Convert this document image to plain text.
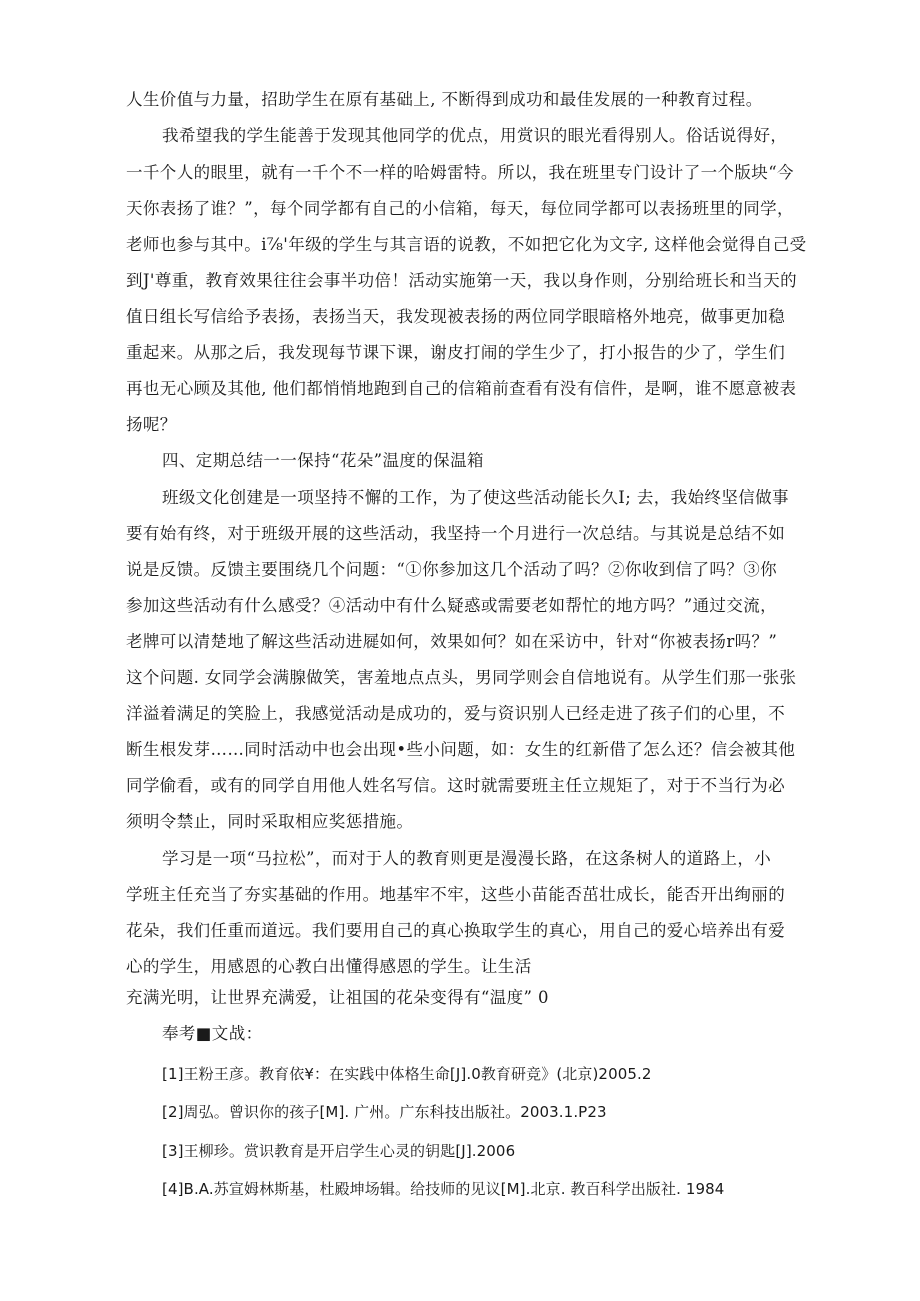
人生价值与力量，招助学生在原有基础上, 不断得到成功和最佳发展的一种教育过程。
我希望我的学生能善于发现其他同学的优点，用赏识的眼光看得别人。俗话说得好，
一千个人的眼里，就有一千个不一样的哈姆雷特。所以，我在班里专门设计了一个版块“今
天你表扬了谁？”，每个同学都有自己的小信箱，每天，每位同学都可以表扬班里的同学，
老师也参与其中。i⅞'年级的学生与其言语的说教，不如把它化为文字, 这样他会觉得自己受
到J'尊重，教育效果往往会事半功倍！活动实施第一天，我以身作则，分别给班长和当天的
值日组长写信给予表扬，表扬当天，我发现被表扬的两位同学眼暗格外地亮，做事更加稳
重起来。从那之后，我发现每节课下课，谢皮打闹的学生少了，打小报告的少了，学生们
再也无心顾及其他, 他们都悄悄地跑到自己的信箱前查看有没有信件，是啊，谁不愿意被表
扬呢？
四、定期总结一一保持“花朵”温度的保温箱
班级文化创建是一项坚持不懈的工作，为了使这些活动能长久I; 去，我始终坚信做事
要有始有终，对于班级开展的这些活动，我坚持一个月进行一次总结。与其说是总结不如
说是反馈。反馈主要围绕几个问题：“①你参加这几个活动了吗？②你收到信了吗？③你
参加这些活动有什么感受？④活动中有什么疑惑或需要老如帮忙的地方吗？”通过交流，
老牌可以清楚地了解这些活动进屣如何，效果如何？如在采访中，针对“你被表扬r吗？”
这个问题. 女同学会满腺做笑，害羞地点点头，男同学则会自信地说有。从学生们那一张张
洋溢着满足的笑脸上，我感觉活动是成功的，爱与资识别人已经走进了孩子们的心里，不
断生根发芽……同时活动中也会出现•些小问题，如：女生的红新借了怎么还？信会被其他
同学偷看，或有的同学自用他人姓名写信。这时就需要班主任立规矩了，对于不当行为必
须明令禁止，同时采取相应奖惩措施。
学习是一项“马拉松”，而对于人的教育则更是漫漫长路，在这条树人的道路上，小
学班主任充当了夯实基础的作用。地基牢不牢，这些小苗能否茁壮成长，能否开出绚丽的
花朵，我们任重而道远。我们要用自己的真心换取学生的真心，用自己的爱心培养出有爱
心的学生，用感恩的心教白出懂得感恩的学生。让生活
充满光明，让世界充满爱，让祖国的花朵变得有“温度” 0
奉考■文战：
[1]王粉王彦。教育依¥：在实践中体格生命[J].0教育研竞》(北京)2005.2
[2]周弘。曾识你的孩子[M]. 广州。广东科技出版社。2003.1.P23
[3]王柳珍。赏识教育是开启学生心灵的钥匙[J].2006
[4]B.A.苏宣姆林斯基，杜殿坤场辑。给技师的见议[M].北京. 教百科学出版社. 1984
